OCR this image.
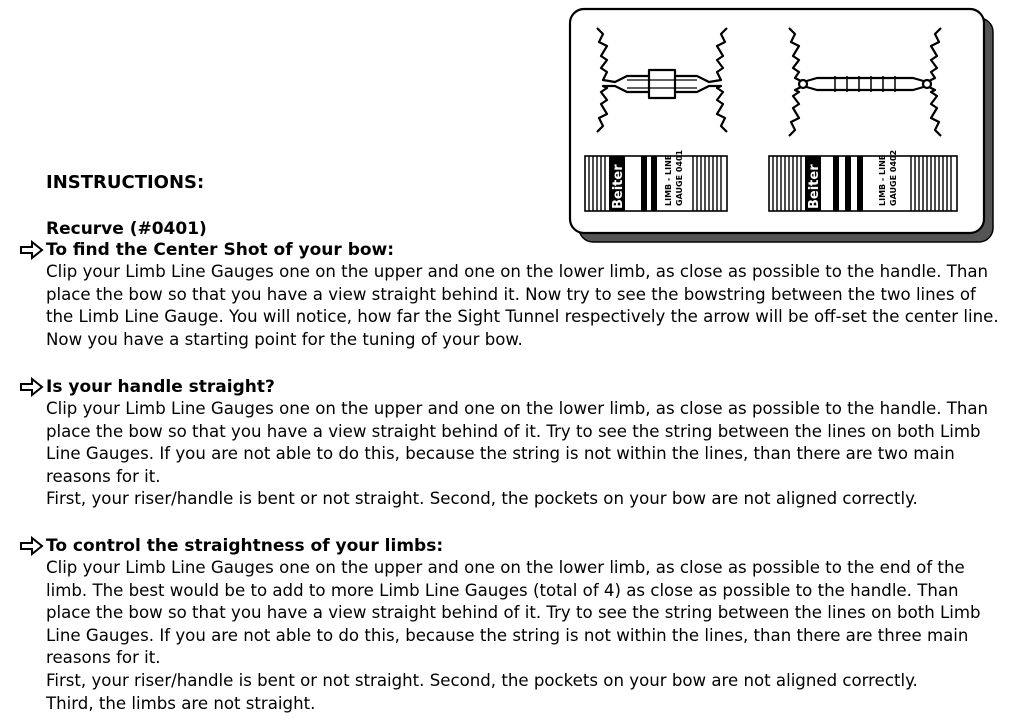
Beiter	LIMB - LINE GAUGE 0401	Beiter	LIMB - LINE GAUGE 0402
INSTRUCTIONS:
Recurve (#0401)
To find the Center Shot of your bow:

Clip your Limb Line Gauges one on the upper and one on the lower limb, as close as possible to the handle. Than place the bow so that you have a view straight behind it. Now try to see the bowstring between the two lines of the Limb Line Gauge. You will notice, how far the Sight Tunnel respectively the arrow will be off-set the center line. Now you have a starting point for the tuning of your bow.

Is your handle straight?

Clip your Limb Line Gauges one on the upper and one on the lower limb, as close as possible to the handle. Than place the bow so that you have a view straight behind of it. Try to see the string between the lines on both Limb Line Gauges. If you are not able to do this, because the string is not within the lines, than there are two main reasons for it.

First, your riser/handle is bent or not straight. Second, the pockets on your bow are not aligned correctly.

To control the straightness of your limbs:

Clip your Limb Line Gauges one on the upper and one on the lower limb, as close as possible to the end of the limb. The best would be to add to more Limb Line Gauges (total of 4) as close as possible to the handle. Than place the bow so that you have a view straight behind of it. Try to see the string between the lines on both Limb Line Gauges. If you are not able to do this, because the string is not within the lines, than there are three main reasons for it.

First, your riser/handle is bent or not straight. Second, the pockets on your bow are not aligned correctly.

Third, the limbs are not straight.
